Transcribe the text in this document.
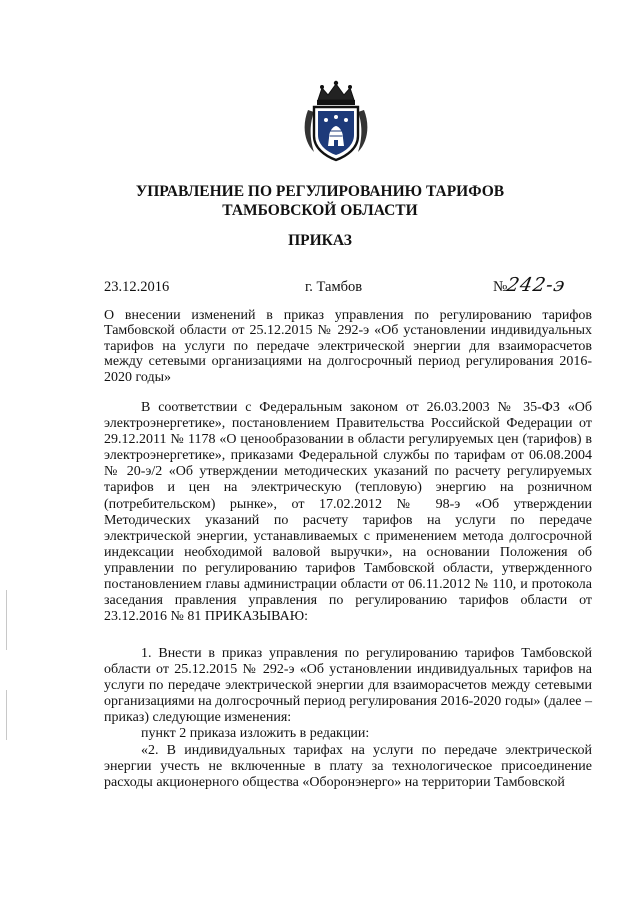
УПРАВЛЕНИЕ ПО РЕГУЛИРОВАНИЮ ТАРИФОВ
ТАМБОВСКОЙ ОБЛАСТИ
ПРИКАЗ
23.12.2016	г. Тамбов	№242-э
О внесении изменений в приказ управления по регулированию тарифов Тамбовской области от 25.12.2015 № 292-э «Об установлении индивидуальных тарифов на услуги по передаче электрической энергии для взаиморасчетов между сетевыми организациями на долгосрочный период регулирования 2016-2020 годы»

В соответствии с Федеральным законом от 26.03.2003 № 35-ФЗ «Об электроэнергетике», постановлением Правительства Российской Федерации от 29.12.2011 № 1178 «О ценообразовании в области регулируемых цен (тарифов) в электроэнергетике», приказами Федеральной службы по тарифам от 06.08.2004 № 20-э/2 «Об утверждении методических указаний по расчету регулируемых тарифов и цен на электрическую (тепловую) энергию на розничном (потребительском) рынке», от 17.02.2012 № 98-э «Об утверждении Методических указаний по расчету тарифов на услуги по передаче электрической энергии, устанавливаемых с применением метода долгосрочной индексации необходимой валовой выручки», на основании Положения об управлении по регулированию тарифов Тамбовской области, утвержденного постановлением главы администрации области от 06.11.2012 № 110, и протокола заседания правления управления по регулированию тарифов области от 23.12.2016 № 81 ПРИКАЗЫВАЮ:

1. Внести в приказ управления по регулированию тарифов Тамбовской области от 25.12.2015 № 292-э «Об установлении индивидуальных тарифов на услуги по передаче электрической энергии для взаиморасчетов между сетевыми организациями на долгосрочный период регулирования 2016-2020 годы» (далее – приказ) следующие изменения:

пункт 2 приказа изложить в редакции:

«2. В индивидуальных тарифах на услуги по передаче электрической энергии учесть не включенные в плату за технологическое присоединение расходы акционерного общества «Оборонэнерго» на территории Тамбовской
